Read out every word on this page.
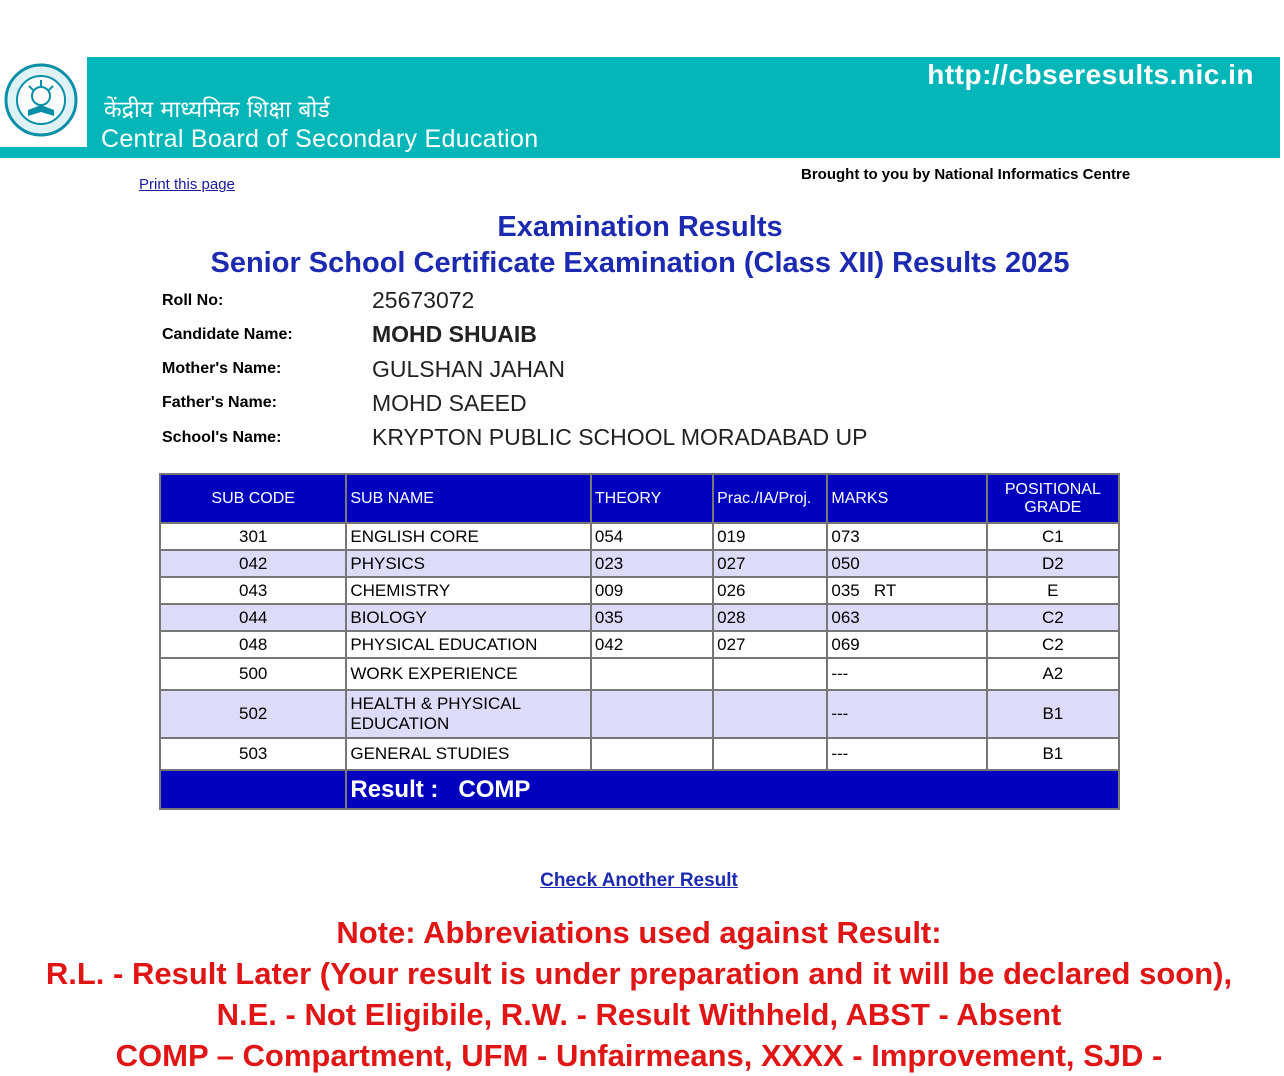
केंद्रीय माध्यमिक शिक्षा बोर्ड
Central Board of Secondary Education
http://cbseresults.nic.in
Print this page
Brought to you by National Informatics Centre
Examination Results
Senior School Certificate Examination (Class XII) Results 2025
Roll No:	25673072
Candidate Name:	MOHD SHUAIB
Mother's Name:	GULSHAN JAHAN
Father's Name:	MOHD SAEED
School's Name:	KRYPTON PUBLIC SCHOOL MORADABAD UP
SUB CODE	SUB NAME	THEORY	Prac./IA/Proj.	MARKS	POSITIONAL GRADE
301	ENGLISH CORE	054	019	073	C1
042	PHYSICS	023	027	050	D2
043	CHEMISTRY	009	026	035   RT	E
044	BIOLOGY	035	028	063	C2
048	PHYSICAL EDUCATION	042	027	069	C2
500	WORK EXPERIENCE			---	A2
502	HEALTH & PHYSICAL EDUCATION			---	B1
503	GENERAL STUDIES			---	B1
	Result : COMP				
Check Another Result
Note: Abbreviations used against Result:
R.L. - Result Later (Your result is under preparation and it will be declared soon), N.E. - Not Eligibile, R.W. - Result Withheld, ABST - Absent
COMP – Compartment, UFM - Unfairmeans, XXXX - Improvement, SJD -
